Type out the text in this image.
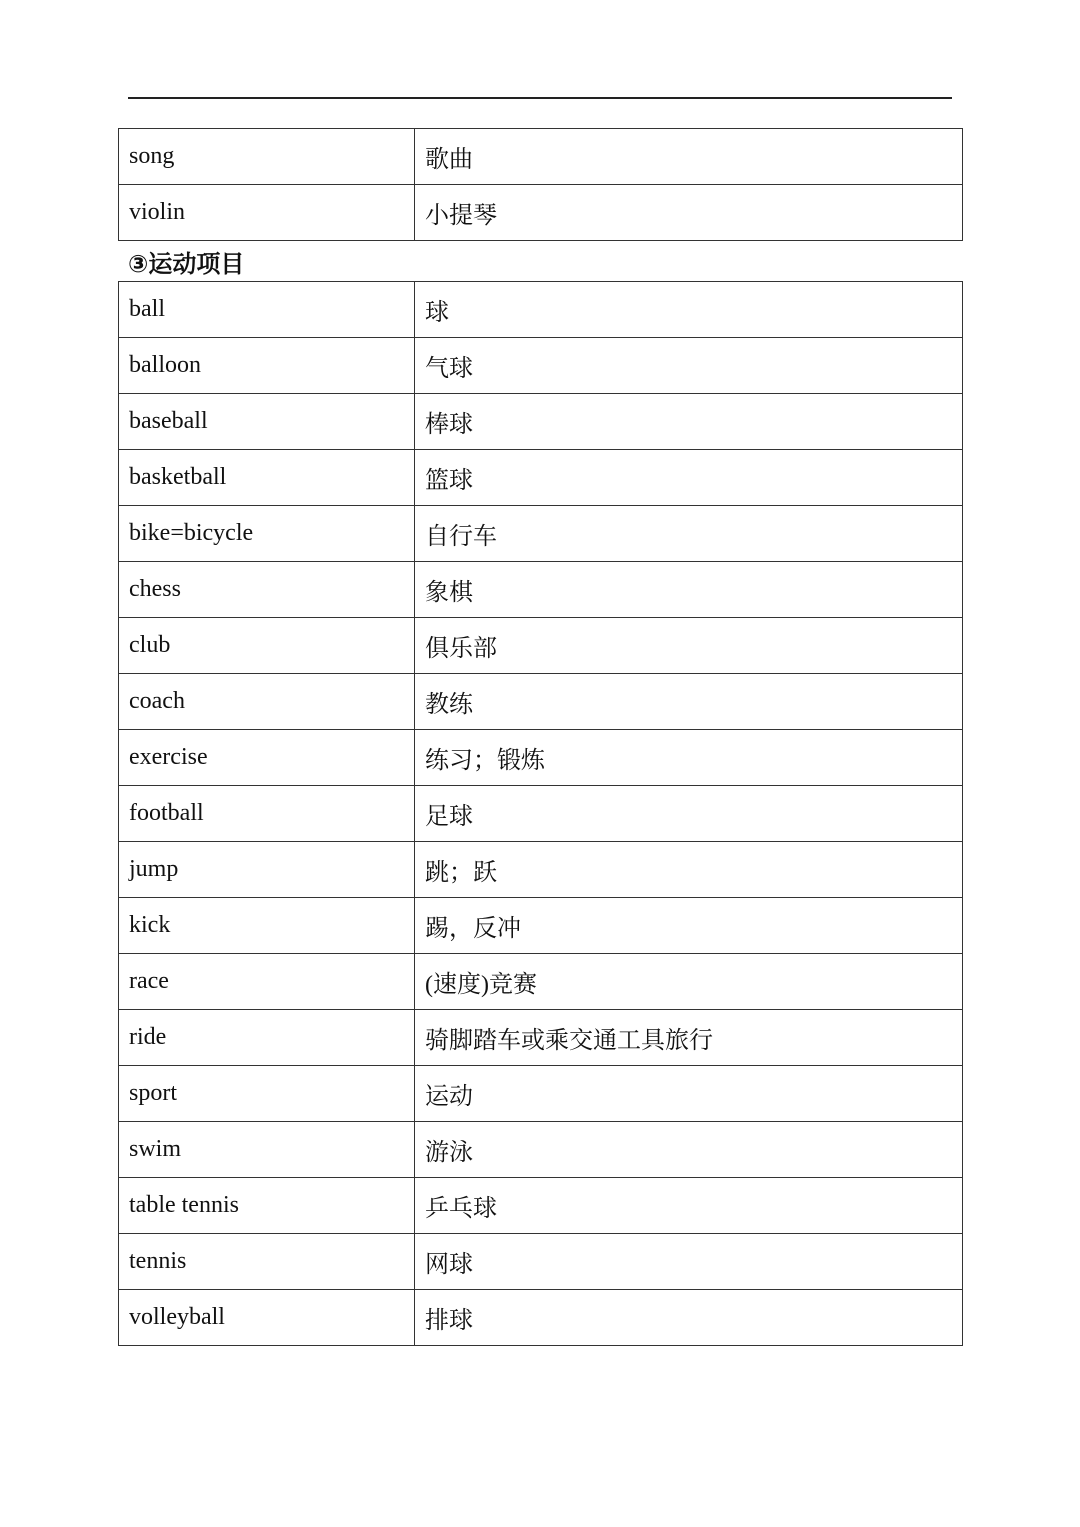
song	歌曲
violin	小提琴
③运动项目
ball	球
balloon	气球
baseball	棒球
basketball	篮球
bike=bicycle	自行车
chess	象棋
club	俱乐部
coach	教练
exercise	练习；锻炼
football	足球
jump	跳；跃
kick	踢，反冲
race	(速度)竞赛
ride	骑脚踏车或乘交通工具旅行
sport	运动
swim	游泳
table tennis	乒乓球
tennis	网球
volleyball	排球
